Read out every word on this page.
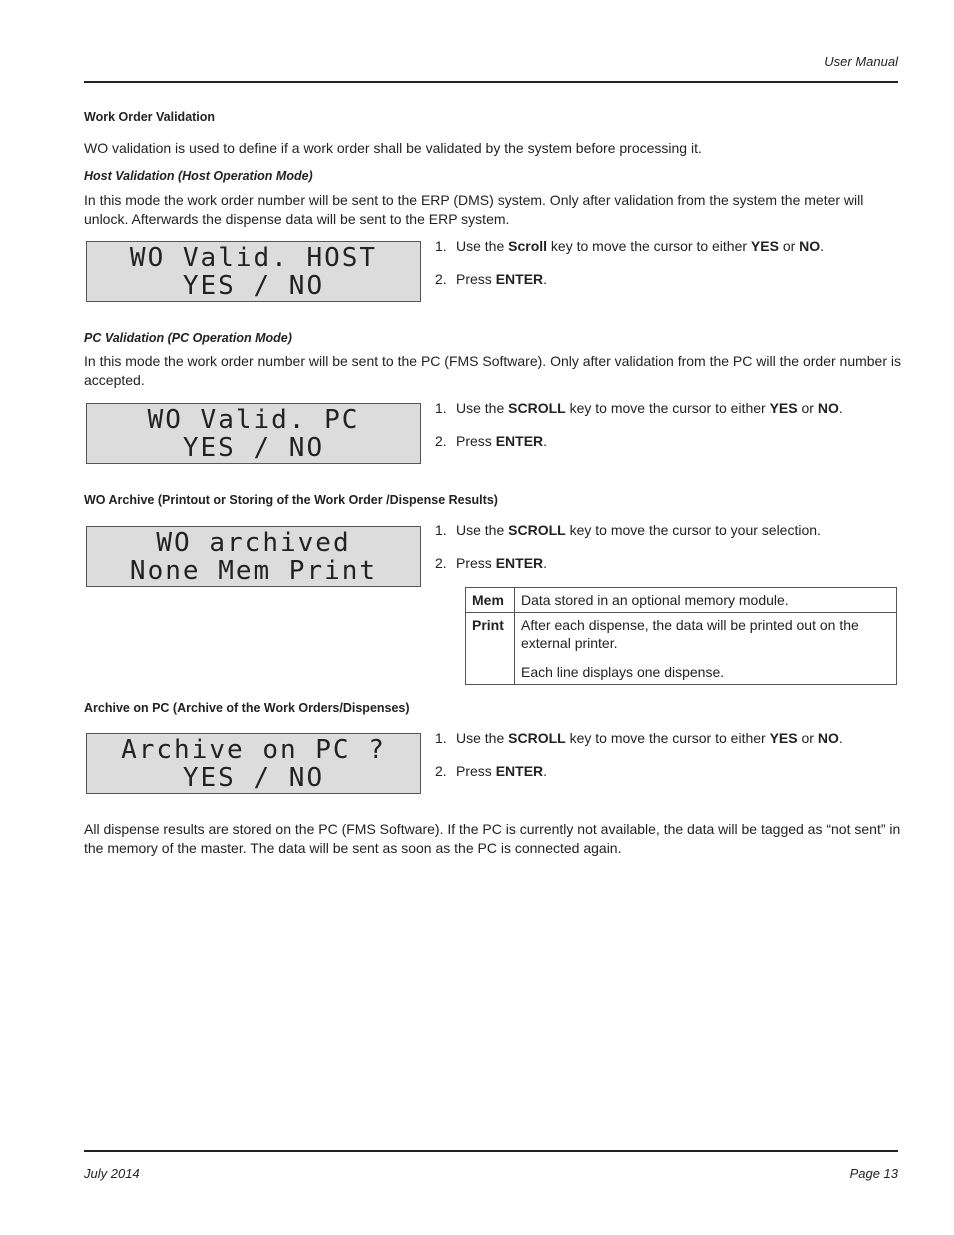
User Manual
Work Order Validation
WO validation is used to define if a work order shall be validated by the system before processing it.
Host Validation (Host Operation Mode)
In this mode the work order number will be sent to the ERP (DMS) system. Only after validation from the system the meter will unlock. Afterwards the dispense data will be sent to the ERP system.
WO Valid. HOST
YES / NO
1. Use the Scroll key to move the cursor to either YES or NO.
2. Press ENTER.
PC Validation (PC Operation Mode)
In this mode the work order number will be sent to the PC (FMS Software). Only after validation from the PC will the order number is accepted.
WO Valid. PC
YES / NO
1. Use the SCROLL key to move the cursor to either YES or NO.
2. Press ENTER.
WO Archive (Printout or Storing of the Work Order /Dispense Results)
WO archived
None Mem Print
1. Use the SCROLL key to move the cursor to your selection.
2. Press ENTER.
Mem	Data stored in an optional memory module.

Print	After each dispense, the data will be printed out on the external printer.

Each line displays one dispense.

Archive on PC (Archive of the Work Orders/Dispenses)
Archive on PC ?
YES / NO
1. Use the SCROLL key to move the cursor to either YES or NO.
2. Press ENTER.
All dispense results are stored on the PC (FMS Software). If the PC is currently not available, the data will be tagged as “not sent” in the memory of the master. The data will be sent as soon as the PC is connected again.
July 2014	Page 13
